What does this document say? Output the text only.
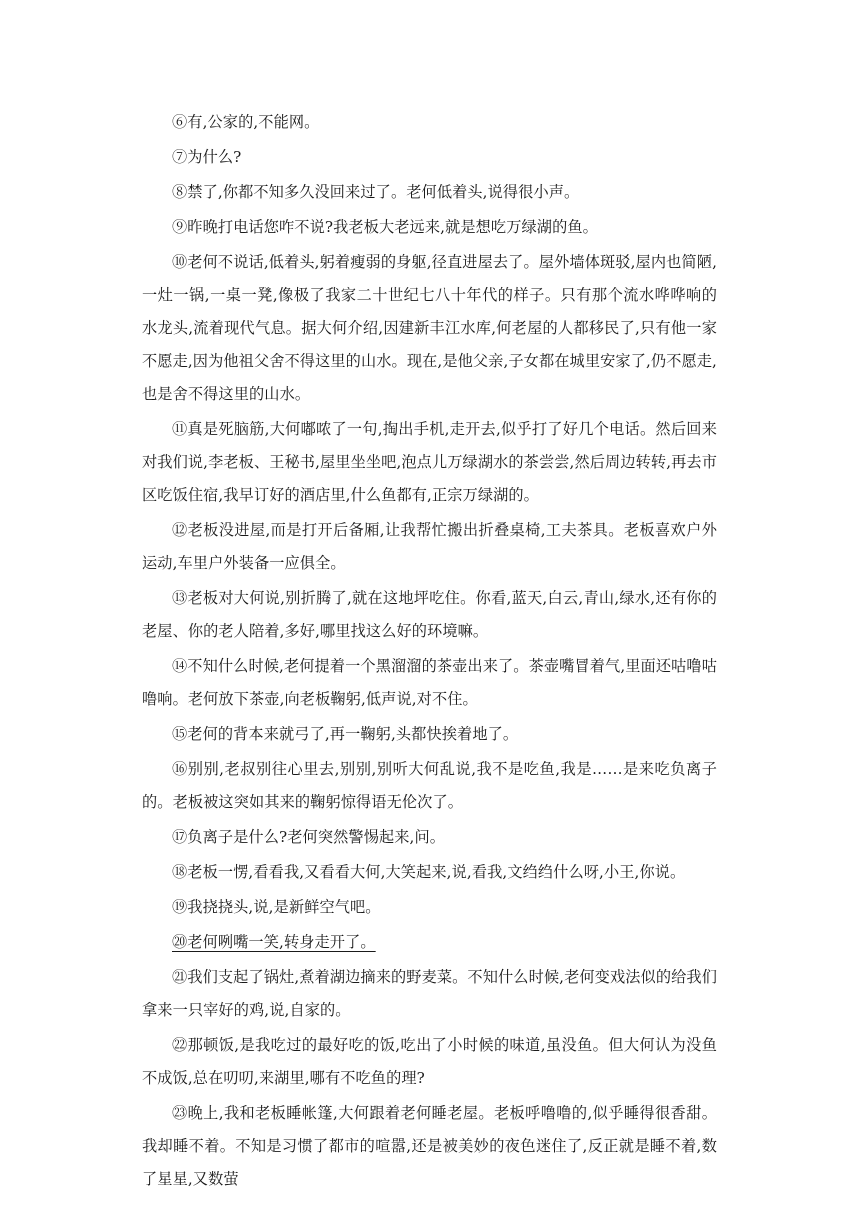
⑥有,公家的,不能网。

⑦为什么?

⑧禁了,你都不知多久没回来过了。老何低着头,说得很小声。

⑨昨晚打电话您咋不说?我老板大老远来,就是想吃万绿湖的鱼。

⑩老何不说话,低着头,躬着瘦弱的身躯,径直进屋去了。屋外墙体斑驳,屋内也简陋,一灶一锅,一桌一凳,像极了我家二十世纪七八十年代的样子。只有那个流水哗哗响的水龙头,流着现代气息。据大何介绍,因建新丰江水库,何老屋的人都移民了,只有他一家不愿走,因为他祖父舍不得这里的山水。现在,是他父亲,子女都在城里安家了,仍不愿走,也是舍不得这里的山水。

⑪真是死脑筋,大何嘟哝了一句,掏出手机,走开去,似乎打了好几个电话。然后回来对我们说,李老板、王秘书,屋里坐坐吧,泡点儿万绿湖水的茶尝尝,然后周边转转,再去市区吃饭住宿,我早订好的酒店里,什么鱼都有,正宗万绿湖的。

⑫老板没进屋,而是打开后备厢,让我帮忙搬出折叠桌椅,工夫茶具。老板喜欢户外运动,车里户外装备一应俱全。

⑬老板对大何说,别折腾了,就在这地坪吃住。你看,蓝天,白云,青山,绿水,还有你的老屋、你的老人陪着,多好,哪里找这么好的环境嘛。

⑭不知什么时候,老何提着一个黑溜溜的茶壶出来了。茶壶嘴冒着气,里面还咕噜咕噜响。老何放下茶壶,向老板鞠躬,低声说,对不住。

⑮老何的背本来就弓了,再一鞠躬,头都快挨着地了。

⑯别别,老叔别往心里去,别别,别听大何乱说,我不是吃鱼,我是……是来吃负离子的。老板被这突如其来的鞠躬惊得语无伦次了。

⑰负离子是什么?老何突然警惕起来,问。

⑱老板一愣,看看我,又看看大何,大笑起来,说,看我,文绉绉什么呀,小王,你说。

⑲我挠挠头,说,是新鲜空气吧。

⑳老何咧嘴一笑,转身走开了。

㉑我们支起了锅灶,煮着湖边摘来的野麦菜。不知什么时候,老何变戏法似的给我们拿来一只宰好的鸡,说,自家的。

㉒那顿饭,是我吃过的最好吃的饭,吃出了小时候的味道,虽没鱼。但大何认为没鱼不成饭,总在叨叨,来湖里,哪有不吃鱼的理?

㉓晚上,我和老板睡帐篷,大何跟着老何睡老屋。老板呼噜噜的,似乎睡得很香甜。我却睡不着。不知是习惯了都市的喧嚣,还是被美妙的夜色迷住了,反正就是睡不着,数了星星,又数萤
